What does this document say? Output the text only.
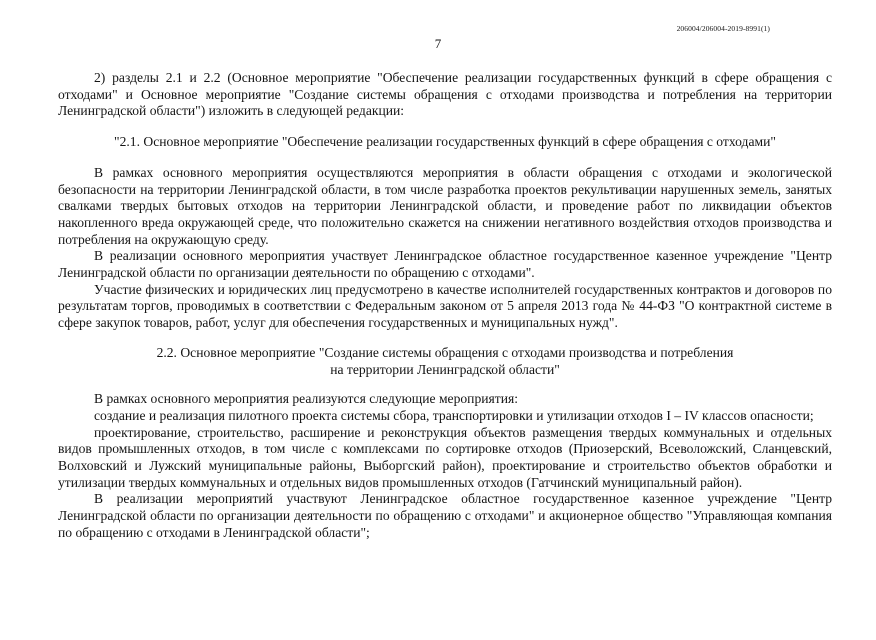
206004/206004-2019-8991(1)
7

2) разделы 2.1 и 2.2 (Основное мероприятие "Обеспечение реализации государственных функций в сфере обращения с отходами" и Основное мероприятие "Создание системы обращения с отходами производства и потребления на территории Ленинградской области") изложить в следующей редакции:

"2.1. Основное мероприятие "Обеспечение реализации государственных функций в сфере обращения с отходами"

В рамках основного мероприятия осуществляются мероприятия в области обращения с отходами и экологической безопасности на территории Ленинградской области, в том числе разработка проектов рекультивации нарушенных земель, занятых свалками твердых бытовых отходов на территории Ленинградской области, и проведение работ по ликвидации объектов накопленного вреда окружающей среде, что положительно скажется на снижении негативного воздействия отходов производства и потребления на окружающую среду.

В реализации основного мероприятия участвует Ленинградское областное государственное казенное учреждение "Центр Ленинградской области по организации деятельности по обращению с отходами".

Участие физических и юридических лиц предусмотрено в качестве исполнителей государственных контрактов и договоров по результатам торгов, проводимых в соответствии с Федеральным законом от 5 апреля 2013 года № 44-ФЗ "О контрактной системе в сфере закупок товаров, работ, услуг для обеспечения государственных и муниципальных нужд".

2.2. Основное мероприятие "Создание системы обращения с отходами производства и потребления

на территории Ленинградской области"

В рамках основного мероприятия реализуются следующие мероприятия:

создание и реализация пилотного проекта системы сбора, транспортировки и утилизации отходов I – IV классов опасности;

проектирование, строительство, расширение и реконструкция объектов размещения твердых коммунальных и отдельных видов промышленных отходов, в том числе с комплексами по сортировке отходов (Приозерский, Всеволожский, Сланцевский, Волховский и Лужский муниципальные районы, Выборгский район), проектирование и строительство объектов обработки и утилизации твердых коммунальных и отдельных видов промышленных отходов (Гатчинский муниципальный район).

В реализации мероприятий участвуют Ленинградское областное государственное казенное учреждение "Центр Ленинградской области по организации деятельности по обращению с отходами" и акционерное общество "Управляющая компания по обращению с отходами в Ленинградской области";
